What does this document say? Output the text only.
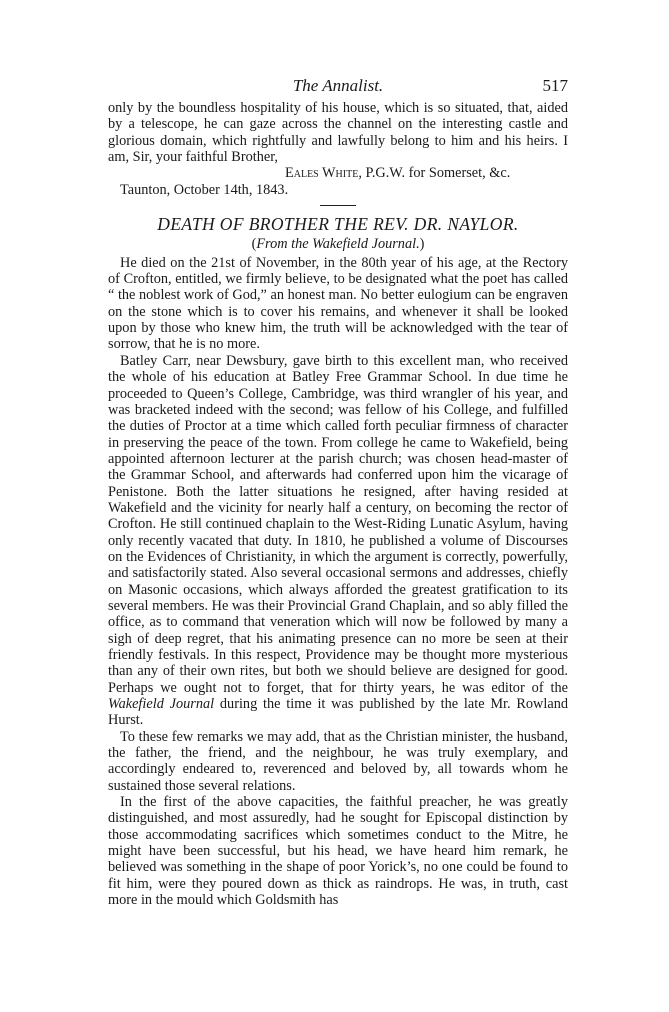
The Annalist.	517

only by the boundless hospitality of his house, which is so situated, that, aided by a telescope, he can gaze across the channel on the interesting castle and glorious domain, which rightfully and lawfully belong to him and his heirs. I am, Sir, your faithful Brother,

Eales White, P.G.W. for Somerset, &c.

Taunton, October 14th, 1843.

DEATH OF BROTHER THE REV. DR. NAYLOR.

(From the Wakefield Journal.)

He died on the 21st of November, in the 80th year of his age, at the Rectory of Crofton, entitled, we firmly believe, to be designated what the poet has called “ the noblest work of God,” an honest man. No better eulogium can be engraven on the stone which is to cover his remains, and whenever it shall be looked upon by those who knew him, the truth will be acknowledged with the tear of sorrow, that he is no more.

Batley Carr, near Dewsbury, gave birth to this excellent man, who received the whole of his education at Batley Free Grammar School. In due time he proceeded to Queen’s College, Cambridge, was third wrangler of his year, and was bracketed indeed with the second; was fellow of his College, and fulfilled the duties of Proctor at a time which called forth peculiar firmness of character in preserving the peace of the town. From college he came to Wakefield, being appointed afternoon lecturer at the parish church; was chosen head-master of the Grammar School, and afterwards had conferred upon him the vicarage of Penistone. Both the latter situations he resigned, after having resided at Wakefield and the vicinity for nearly half a century, on becoming the rector of Crofton. He still continued chaplain to the West-Riding Lunatic Asylum, having only recently vacated that duty. In 1810, he published a volume of Discourses on the Evidences of Christianity, in which the argument is correctly, powerfully, and satisfactorily stated. Also several occasional sermons and addresses, chiefly on Masonic occasions, which always afforded the greatest gratification to its several members. He was their Provincial Grand Chaplain, and so ably filled the office, as to command that veneration which will now be followed by many a sigh of deep regret, that his animating presence can no more be seen at their friendly festivals. In this respect, Providence may be thought more mysterious than any of their own rites, but both we should believe are designed for good. Perhaps we ought not to forget, that for thirty years, he was editor of the Wakefield Journal during the time it was published by the late Mr. Rowland Hurst.

To these few remarks we may add, that as the Christian minister, the husband, the father, the friend, and the neighbour, he was truly exemplary, and accordingly endeared to, reverenced and beloved by, all towards whom he sustained those several relations.

In the first of the above capacities, the faithful preacher, he was greatly distinguished, and most assuredly, had he sought for Episcopal distinction by those accommodating sacrifices which sometimes conduct to the Mitre, he might have been successful, but his head, we have heard him remark, he believed was something in the shape of poor Yorick’s, no one could be found to fit him, were they poured down as thick as raindrops. He was, in truth, cast more in the mould which Goldsmith has
